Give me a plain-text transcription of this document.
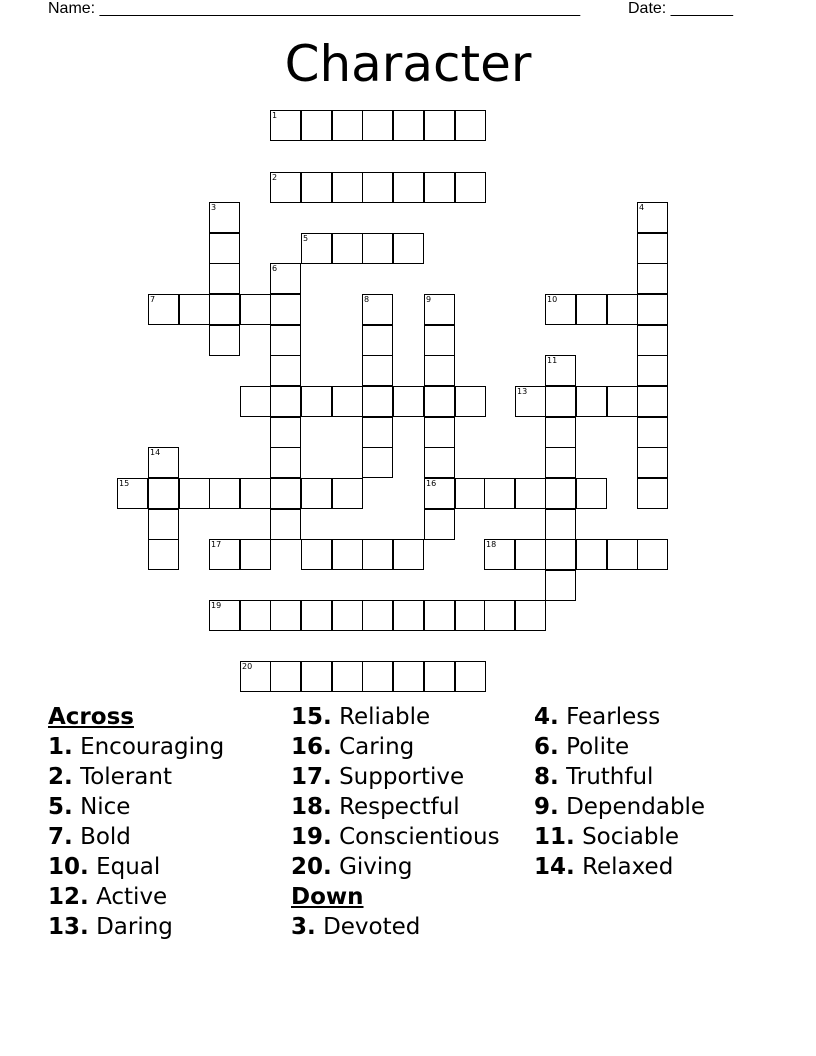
Name: ______________________________________________________	Date: _______
Character
1
2
3	4
5
6
7	8	9
16
10
11
13
14
15
17	18
19
20
Across
1. Encouraging
2. Tolerant
5. Nice
7. Bold
10. Equal
12. Active
13. Daring
15. Reliable
16. Caring
17. Supportive
18. Respectful
19. Conscientious
20. Giving
Down
3. Devoted
4. Fearless
6. Polite
8. Truthful
9. Dependable
11. Sociable
14. Relaxed
